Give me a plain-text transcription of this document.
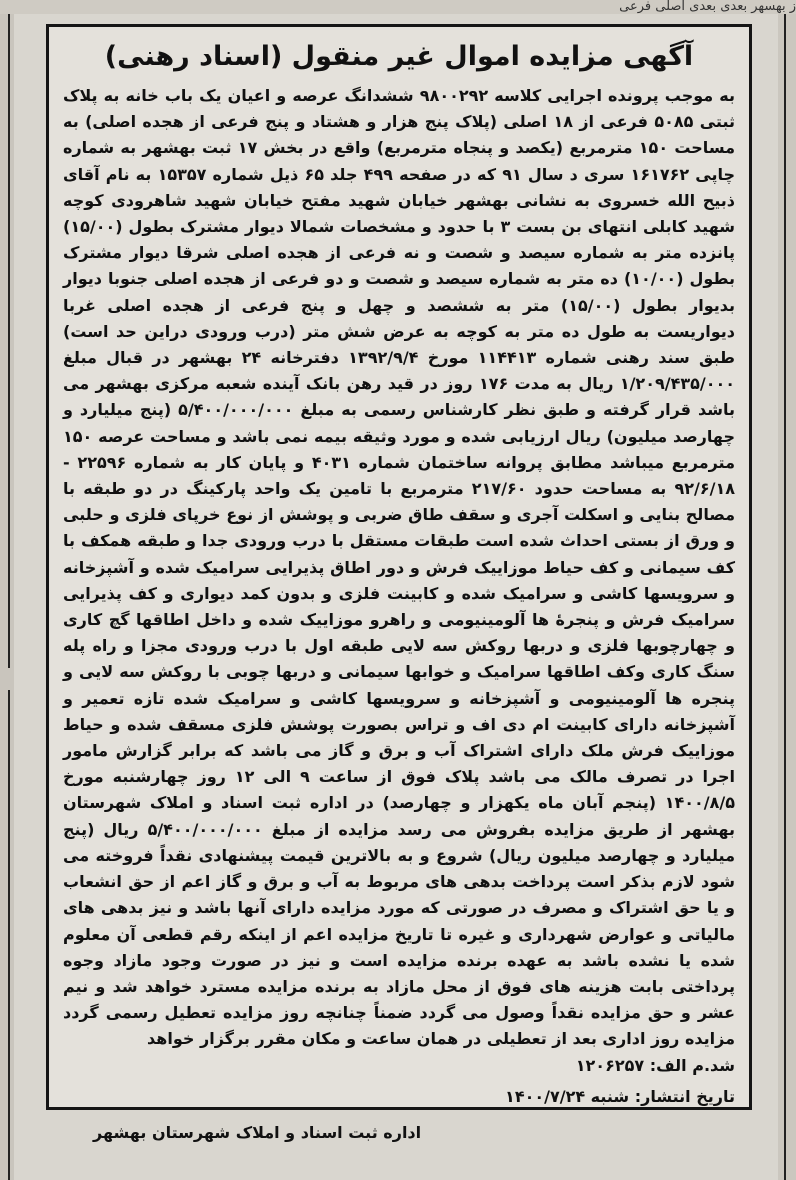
ز بهسهر بعدی بعدی اصلی فرعی
آگهی مزایده اموال غیر منقول (اسناد رهنی)

به موجب پرونده اجرایی کلاسه ۹۸۰۰۲۹۲ ششدانگ عرصه و اعیان یک باب خانه به پلاک ثبتی ۵۰۸۵ فرعی از ۱۸ اصلی (پلاک پنج هزار و هشتاد و پنج فرعی از هجده اصلی) به مساحت ۱۵۰ مترمربع (یکصد و پنجاه مترمربع) واقع در بخش ۱۷ ثبت بهشهر به شماره چاپی ۱۶۱۷۶۲ سری د سال ۹۱ که در صفحه ۴۹۹ جلد ۶۵ ذیل شماره ۱۵۳۵۷ به نام آقای ذبیح الله خسروی به نشانی بهشهر خیابان شهید مفتح خیابان شهید شاهرودی کوچه شهید کابلی انتهای بن بست ۳ با حدود و مشخصات شمالا دیوار مشترک بطول (۱۵/۰۰) پانزده متر به شماره سیصد و شصت و نه فرعی از هجده اصلی شرقا دیوار مشترک بطول (۱۰/۰۰) ده متر به شماره سیصد و شصت و دو فرعی از هجده اصلی جنوبا دیوار بدیوار بطول (۱۵/۰۰) متر به ششصد و چهل و پنج فرعی از هجده اصلی غربا دیواریست به طول ده متر به کوچه به عرض شش متر (درب ورودی دراین حد است) طبق سند رهنی شماره ۱۱۴۴۱۳ مورخ ۱۳۹۲/۹/۴ دفترخانه ۲۴ بهشهر در قبال مبلغ ۱/۲۰۹/۴۳۵/۰۰۰ ریال به مدت ۱۷۶ روز در قید رهن بانک آینده شعبه مرکزی بهشهر می باشد قرار گرفته و طبق نظر کارشناس رسمی به مبلغ ۵/۴۰۰/۰۰۰/۰۰۰ (پنج میلیارد و چهارصد میلیون) ریال ارزیابی شده و مورد وثیقه بیمه نمی باشد و مساحت عرصه ۱۵۰ مترمربع میباشد مطابق پروانه ساختمان شماره ۴۰۳۱ و پایان کار به شماره ۲۲۵۹۶ - ۹۲/۶/۱۸ به مساحت حدود ۲۱۷/۶۰ مترمربع با تامین یک واحد پارکینگ در دو طبقه با مصالح بنایی و اسکلت آجری و سقف طاق ضربی و پوشش از نوع خرپای فلزی و حلبی و ورق از بستی احداث شده است طبقات مستقل با درب ورودی جدا و طبقه همکف با کف سیمانی و کف حیاط موزاییک فرش و دور اطاق پذیرایی سرامیک شده و آشپزخانه و سرویسها کاشی و سرامیک شده و کابینت فلزی و بدون کمد دیواری و کف پذیرایی سرامیک فرش و پنجرهٔ ها آلومینیومی و راهرو موزاییک شده و داخل اطاقها گچ کاری و چهارچوبها فلزی و دربها روکش سه لایی طبقه اول با درب ورودی مجزا و راه پله سنگ کاری وکف اطاقها سرامیک و خوابها سیمانی و دربها چوبی با روکش سه لایی و پنجره ها آلومینیومی و آشپزخانه و سرویسها کاشی و سرامیک شده تازه تعمیر و آشپزخانه دارای کابینت ام دی اف و تراس بصورت پوشش فلزی مسقف شده و حیاط موزاییک فرش ملک دارای اشتراک آب و برق و گاز می باشد که برابر گزارش مامور اجرا در تصرف مالک می باشد پلاک فوق از ساعت ۹ الی ۱۲ روز چهارشنبه مورخ ۱۴۰۰/۸/۵ (پنجم آبان ماه یکهزار و چهارصد) در اداره ثبت اسناد و املاک شهرستان بهشهر از طریق مزایده بفروش می رسد مزایده از مبلغ ۵/۴۰۰/۰۰۰/۰۰۰ ریال (پنج میلیارد و چهارصد میلیون ریال) شروع و به بالاترین قیمت پیشنهادی نقداً فروخته می شود لازم بذکر است پرداخت بدهی های مربوط به آب و برق و گاز اعم از حق انشعاب و یا حق اشتراک و مصرف در صورتی که مورد مزایده دارای آنها باشد و نیز بدهی های مالیاتی و عوارض شهرداری و غیره تا تاریخ مزایده اعم از اینکه رقم قطعی آن معلوم شده یا نشده باشد به عهده برنده مزایده است و نیز در صورت وجود مازاد وجوه پرداختی بابت هزینه های فوق از محل مازاد به برنده مزایده مسترد خواهد شد و نیم عشر و حق مزایده نقداً وصول می گردد ضمناً چنانچه روز مزایده تعطیل رسمی گردد مزایده روز اداری بعد از تعطیلی در همان ساعت و مکان مقرر برگزار خواهد

شد.م الف: ۱۲۰۶۲۵۷

تاریخ انتشار: شنبه ۱۴۰۰/۷/۲۴

اداره ثبت اسناد و املاک شهرستان بهشهر
